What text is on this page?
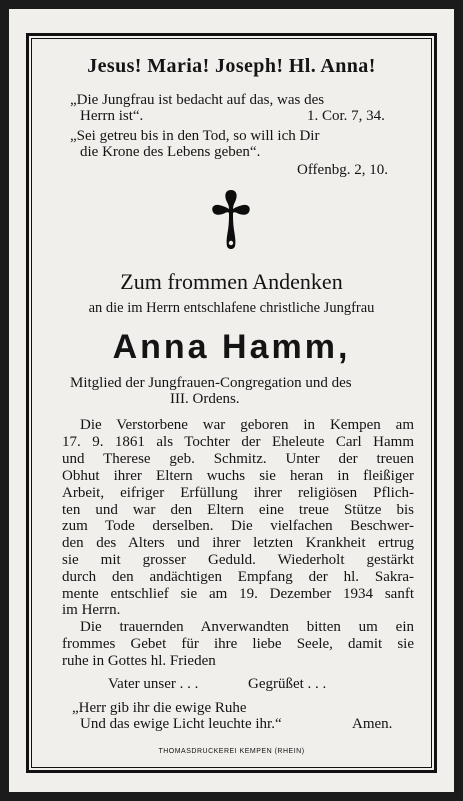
Jesus! Maria! Joseph! Hl. Anna!
„Die Jungfrau ist bedacht auf das, was des
Herrn ist“.	1. Cor. 7, 34.
„Sei getreu bis in den Tod, so will ich Dir
die Krone des Lebens geben“.
Offenbg. 2, 10.
Zum frommen Andenken
an die im Herrn entschlafene christliche Jungfrau
Anna Hamm,
Mitglied der Jungfrauen-Congregation und des
III. Ordens.
Die Verstorbene war geboren in Kempen am
17. 9. 1861 als Tochter der Eheleute Carl Hamm
und Therese geb. Schmitz. Unter der treuen
Obhut ihrer Eltern wuchs sie heran in fleißiger
Arbeit, eifriger Erfüllung ihrer religiösen Pflich-
ten und war den Eltern eine treue Stütze bis
zum Tode derselben. Die vielfachen Beschwer-
den des Alters und ihrer letzten Krankheit ertrug
sie mit grosser Geduld. Wiederholt gestärkt
durch den andächtigen Empfang der hl. Sakra-
mente entschlief sie am 19. Dezember 1934 sanft
im Herrn.
Die trauernden Anverwandten bitten um ein
frommes Gebet für ihre liebe Seele, damit sie
ruhe in Gottes hl. Frieden
Vater unser . . .	Gegrüßet . . .
„Herr gib ihr die ewige Ruhe
Und das ewige Licht leuchte ihr.“	Amen.
THOMASDRUCKEREI KEMPEN (RHEIN)
